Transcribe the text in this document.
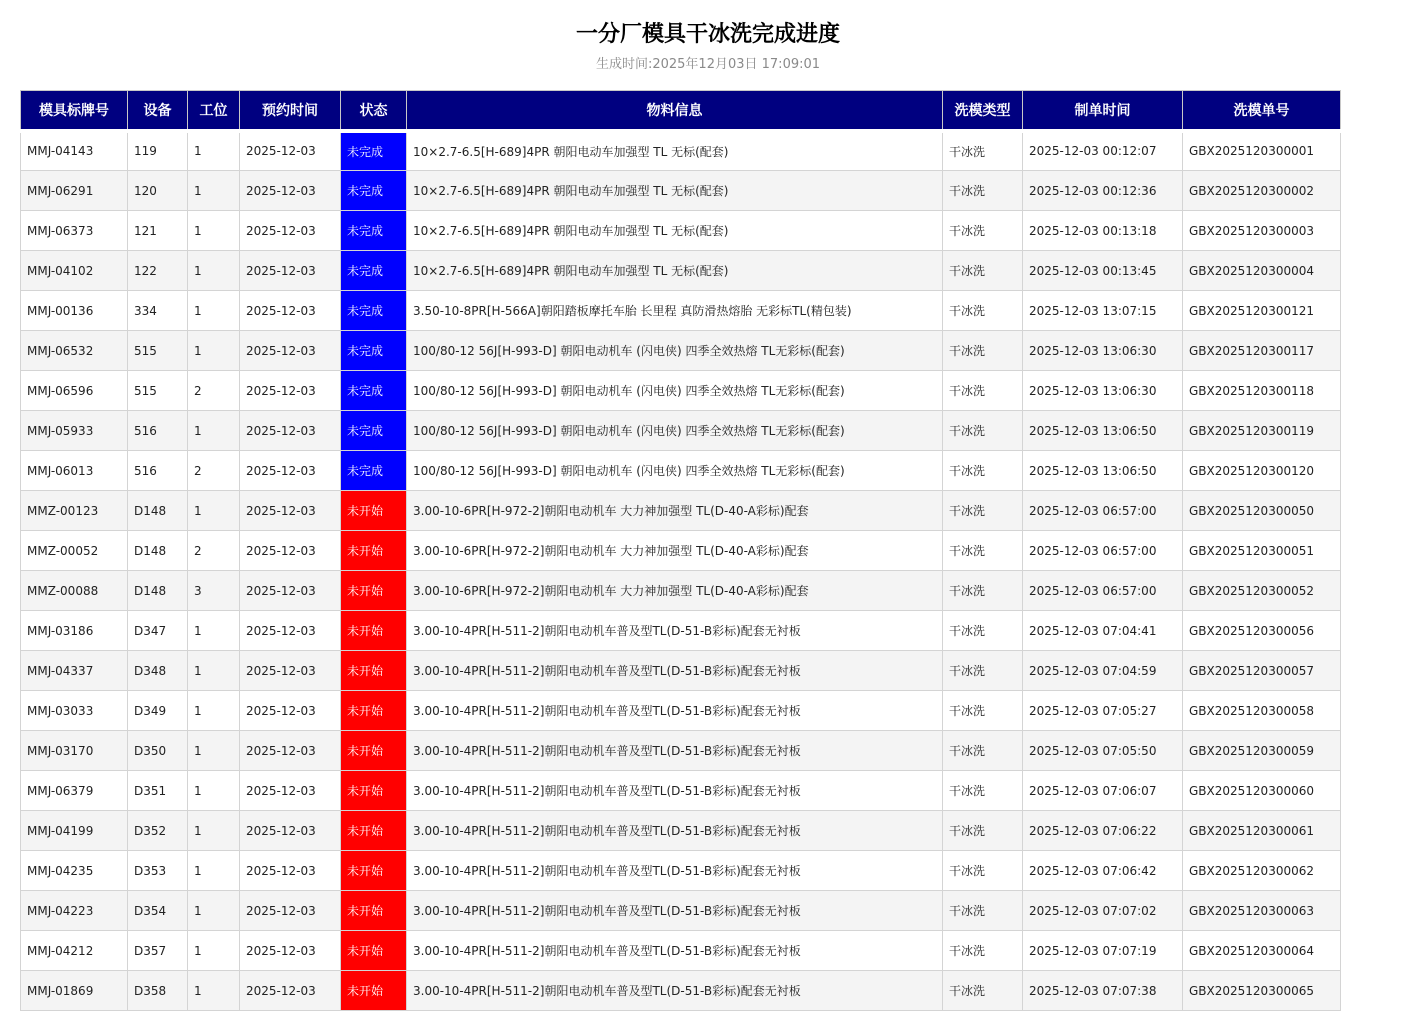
一分厂模具干冰洗完成进度
生成时间:2025年12月03日 17:09:01
模具标牌号	设备	工位	预约时间	状态	物料信息	洗模类型	制单时间	洗模单号
MMJ-04143	119	1	2025-12-03	未完成	10×2.7-6.5[H-689]4PR 朝阳电动车加强型 TL 无标(配套)	干冰洗	2025-12-03 00:12:07	GBX2025120300001
MMJ-06291	120	1	2025-12-03	未完成	10×2.7-6.5[H-689]4PR 朝阳电动车加强型 TL 无标(配套)	干冰洗	2025-12-03 00:12:36	GBX2025120300002
MMJ-06373	121	1	2025-12-03	未完成	10×2.7-6.5[H-689]4PR 朝阳电动车加强型 TL 无标(配套)	干冰洗	2025-12-03 00:13:18	GBX2025120300003
MMJ-04102	122	1	2025-12-03	未完成	10×2.7-6.5[H-689]4PR 朝阳电动车加强型 TL 无标(配套)	干冰洗	2025-12-03 00:13:45	GBX2025120300004
MMJ-00136	334	1	2025-12-03	未完成	3.50-10-8PR[H-566A]朝阳踏板摩托车胎 长里程 真防滑热熔胎 无彩标TL(精包装)	干冰洗	2025-12-03 13:07:15	GBX2025120300121
MMJ-06532	515	1	2025-12-03	未完成	100/80-12 56J[H-993-D] 朝阳电动机车 (闪电侠) 四季全效热熔 TL无彩标(配套)	干冰洗	2025-12-03 13:06:30	GBX2025120300117
MMJ-06596	515	2	2025-12-03	未完成	100/80-12 56J[H-993-D] 朝阳电动机车 (闪电侠) 四季全效热熔 TL无彩标(配套)	干冰洗	2025-12-03 13:06:30	GBX2025120300118
MMJ-05933	516	1	2025-12-03	未完成	100/80-12 56J[H-993-D] 朝阳电动机车 (闪电侠) 四季全效热熔 TL无彩标(配套)	干冰洗	2025-12-03 13:06:50	GBX2025120300119
MMJ-06013	516	2	2025-12-03	未完成	100/80-12 56J[H-993-D] 朝阳电动机车 (闪电侠) 四季全效热熔 TL无彩标(配套)	干冰洗	2025-12-03 13:06:50	GBX2025120300120
MMZ-00123	D148	1	2025-12-03	未开始	3.00-10-6PR[H-972-2]朝阳电动机车 大力神加强型 TL(D-40-A彩标)配套	干冰洗	2025-12-03 06:57:00	GBX2025120300050
MMZ-00052	D148	2	2025-12-03	未开始	3.00-10-6PR[H-972-2]朝阳电动机车 大力神加强型 TL(D-40-A彩标)配套	干冰洗	2025-12-03 06:57:00	GBX2025120300051
MMZ-00088	D148	3	2025-12-03	未开始	3.00-10-6PR[H-972-2]朝阳电动机车 大力神加强型 TL(D-40-A彩标)配套	干冰洗	2025-12-03 06:57:00	GBX2025120300052
MMJ-03186	D347	1	2025-12-03	未开始	3.00-10-4PR[H-511-2]朝阳电动机车普及型TL(D-51-B彩标)配套无衬板	干冰洗	2025-12-03 07:04:41	GBX2025120300056
MMJ-04337	D348	1	2025-12-03	未开始	3.00-10-4PR[H-511-2]朝阳电动机车普及型TL(D-51-B彩标)配套无衬板	干冰洗	2025-12-03 07:04:59	GBX2025120300057
MMJ-03033	D349	1	2025-12-03	未开始	3.00-10-4PR[H-511-2]朝阳电动机车普及型TL(D-51-B彩标)配套无衬板	干冰洗	2025-12-03 07:05:27	GBX2025120300058
MMJ-03170	D350	1	2025-12-03	未开始	3.00-10-4PR[H-511-2]朝阳电动机车普及型TL(D-51-B彩标)配套无衬板	干冰洗	2025-12-03 07:05:50	GBX2025120300059
MMJ-06379	D351	1	2025-12-03	未开始	3.00-10-4PR[H-511-2]朝阳电动机车普及型TL(D-51-B彩标)配套无衬板	干冰洗	2025-12-03 07:06:07	GBX2025120300060
MMJ-04199	D352	1	2025-12-03	未开始	3.00-10-4PR[H-511-2]朝阳电动机车普及型TL(D-51-B彩标)配套无衬板	干冰洗	2025-12-03 07:06:22	GBX2025120300061
MMJ-04235	D353	1	2025-12-03	未开始	3.00-10-4PR[H-511-2]朝阳电动机车普及型TL(D-51-B彩标)配套无衬板	干冰洗	2025-12-03 07:06:42	GBX2025120300062
MMJ-04223	D354	1	2025-12-03	未开始	3.00-10-4PR[H-511-2]朝阳电动机车普及型TL(D-51-B彩标)配套无衬板	干冰洗	2025-12-03 07:07:02	GBX2025120300063
MMJ-04212	D357	1	2025-12-03	未开始	3.00-10-4PR[H-511-2]朝阳电动机车普及型TL(D-51-B彩标)配套无衬板	干冰洗	2025-12-03 07:07:19	GBX2025120300064
MMJ-01869	D358	1	2025-12-03	未开始	3.00-10-4PR[H-511-2]朝阳电动机车普及型TL(D-51-B彩标)配套无衬板	干冰洗	2025-12-03 07:07:38	GBX2025120300065
